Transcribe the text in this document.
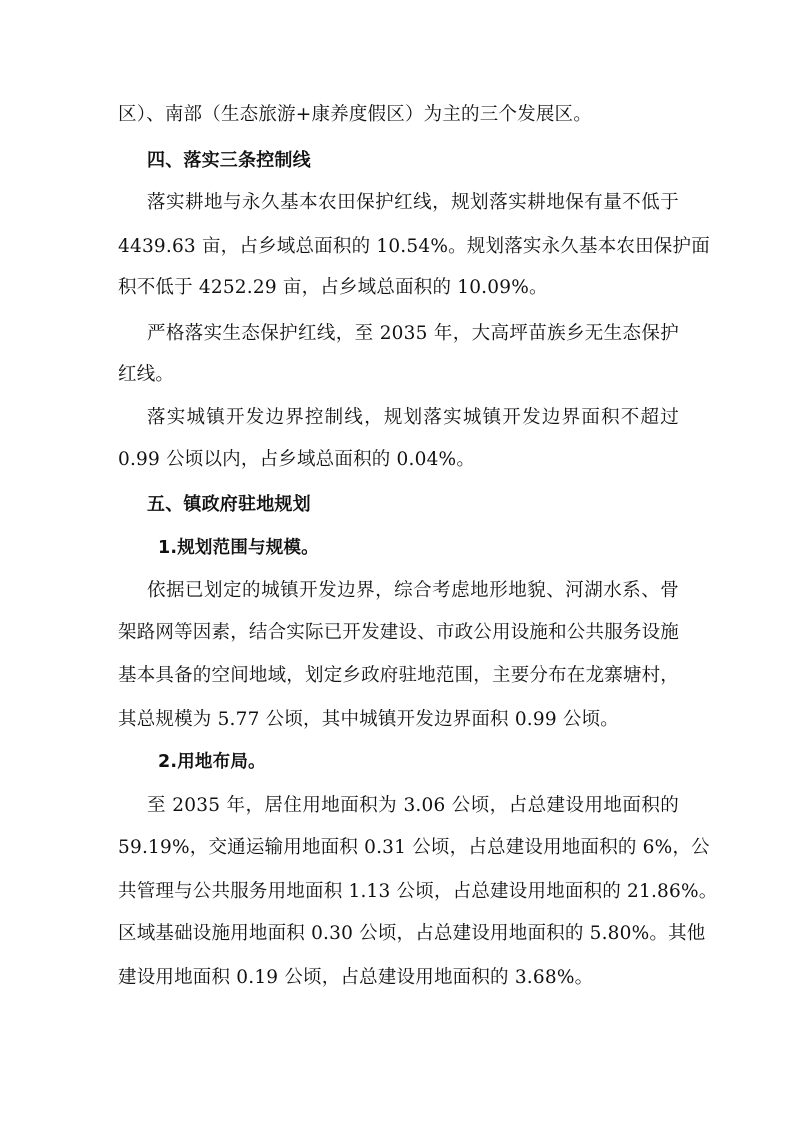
区）、南部（生态旅游+康养度假区）为主的三个发展区。
四、落实三条控制线
落实耕地与永久基本农田保护红线，规划落实耕地保有量不低于
4439.63 亩，占乡域总面积的 10.54%。规划落实永久基本农田保护面
积不低于 4252.29 亩，占乡域总面积的 10.09%。
严格落实生态保护红线，至 2035 年，大高坪苗族乡无生态保护
红线。
落实城镇开发边界控制线，规划落实城镇开发边界面积不超过
0.99 公顷以内，占乡域总面积的 0.04%。
五、镇政府驻地规划
1.规划范围与规模。
依据已划定的城镇开发边界，综合考虑地形地貌、河湖水系、骨
架路网等因素，结合实际已开发建设、市政公用设施和公共服务设施
基本具备的空间地域，划定乡政府驻地范围，主要分布在龙寨塘村，
其总规模为 5.77 公顷，其中城镇开发边界面积 0.99 公顷。
2.用地布局。
至 2035 年，居住用地面积为 3.06 公顷，占总建设用地面积的
59.19%，交通运输用地面积 0.31 公顷，占总建设用地面积的 6%，公
共管理与公共服务用地面积 1.13 公顷，占总建设用地面积的 21.86%。
区域基础设施用地面积 0.30 公顷，占总建设用地面积的 5.80%。其他
建设用地面积 0.19 公顷，占总建设用地面积的 3.68%。
